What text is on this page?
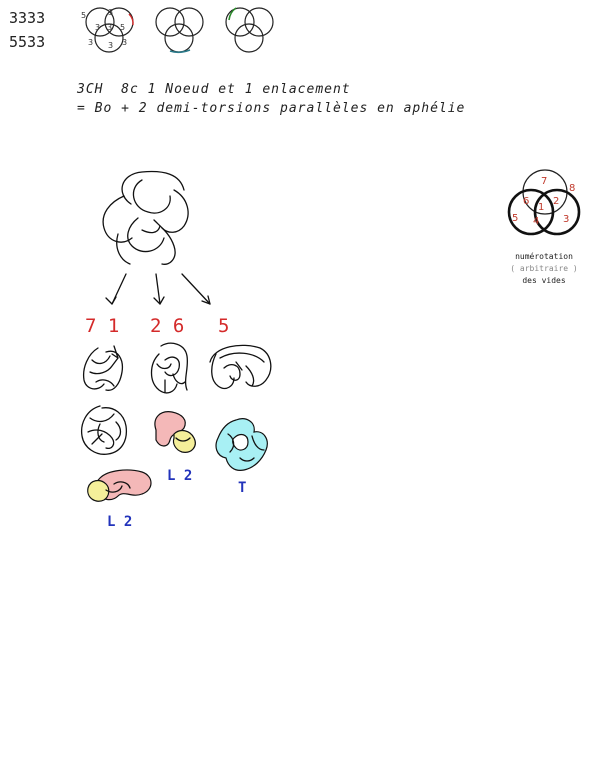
3333
5533
5	3
3 3 5
3 3 3
3CH  8c 1 Noeud et 1 enlacement
= Bo + 2 demi-torsions parallèles en aphélie
7 1 2 6 5
L 2
T
L 2
7
8
6 2
1
5 4 3
numérotation
( arbitraire )
des vides
